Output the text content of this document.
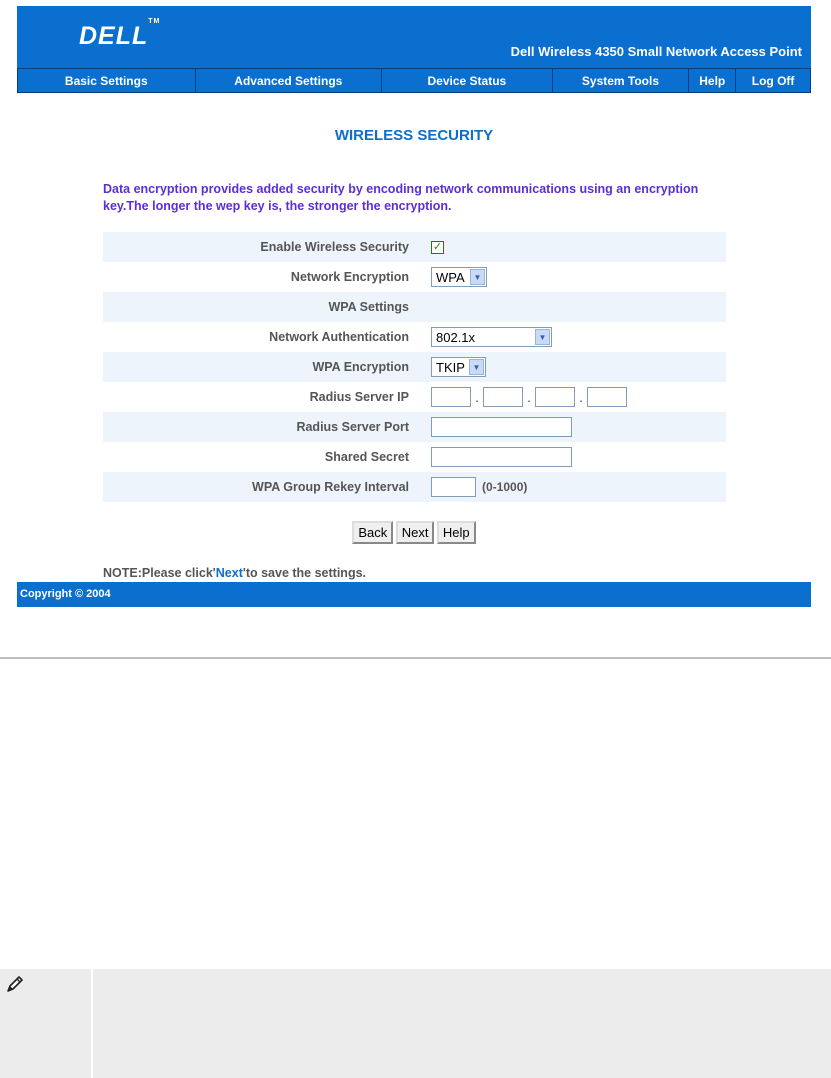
DELL™
Dell Wireless 4350 Small Network Access Point
Basic Settings	Advanced Settings	Device Status	System Tools	Help	Log Off
WIRELESS SECURITY
Data encryption provides added security by encoding network communications using an encryption key.The longer the wep key is, the stronger the encryption.
Enable Wireless Security ✓
Network Encryption	WPA	▼
WPA Settings
Network Authentication	802.1x	▼
WPA Encryption	TKIP ▼
Radius Server IP	.	.	.
Radius Server Port
Shared Secret
WPA Group Rekey Interval	(0-1000)
Back Next Help
NOTE:Please click'Next'to save the settings.
Copyright © 2004
